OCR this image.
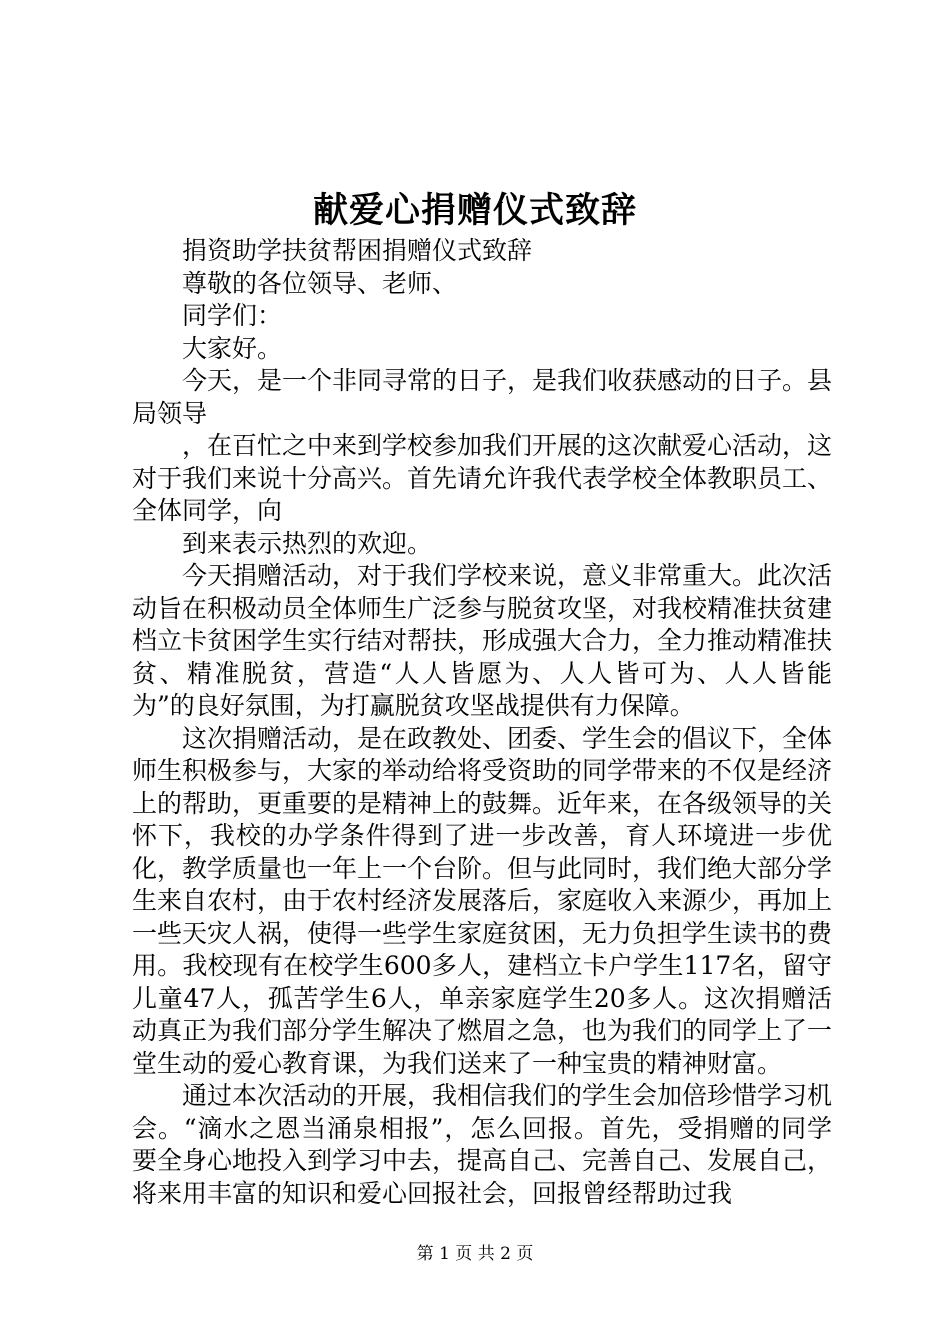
献爱心捐赠仪式致辞

捐资助学扶贫帮困捐赠仪式致辞

尊敬的各位领导、老师、

同学们：

大家好。

今天，是一个非同寻常的日子，是我们收获感动的日子。县局领导

，在百忙之中来到学校参加我们开展的这次献爱心活动，这对于我们来说十分高兴。首先请允许我代表学校全体教职员工、全体同学，向

到来表示热烈的欢迎。

今天捐赠活动，对于我们学校来说，意义非常重大。此次活动旨在积极动员全体师生广泛参与脱贫攻坚，对我校精准扶贫建档立卡贫困学生实行结对帮扶，形成强大合力，全力推动精准扶贫、精准脱贫，营造“人人皆愿为、人人皆可为、人人皆能为”的良好氛围，为打赢脱贫攻坚战提供有力保障。

这次捐赠活动，是在政教处、团委、学生会的倡议下，全体师生积极参与，大家的举动给将受资助的同学带来的不仅是经济上的帮助，更重要的是精神上的鼓舞。近年来，在各级领导的关怀下，我校的办学条件得到了进一步改善，育人环境进一步优化，教学质量也一年上一个台阶。但与此同时，我们绝大部分学生来自农村，由于农村经济发展落后，家庭收入来源少，再加上一些天灾人祸，使得一些学生家庭贫困，无力负担学生读书的费用。我校现有在校学生600多人，建档立卡户学生117名，留守儿童47人，孤苦学生6人，单亲家庭学生20多人。这次捐赠活动真正为我们部分学生解决了燃眉之急，也为我们的同学上了一堂生动的爱心教育课，为我们送来了一种宝贵的精神财富。

通过本次活动的开展，我相信我们的学生会加倍珍惜学习机会。“滴水之恩当涌泉相报”，怎么回报。首先，受捐赠的同学要全身心地投入到学习中去，提高自己、完善自己、发展自己，将来用丰富的知识和爱心回报社会，回报曾经帮助过我

第 1 页 共 2 页
